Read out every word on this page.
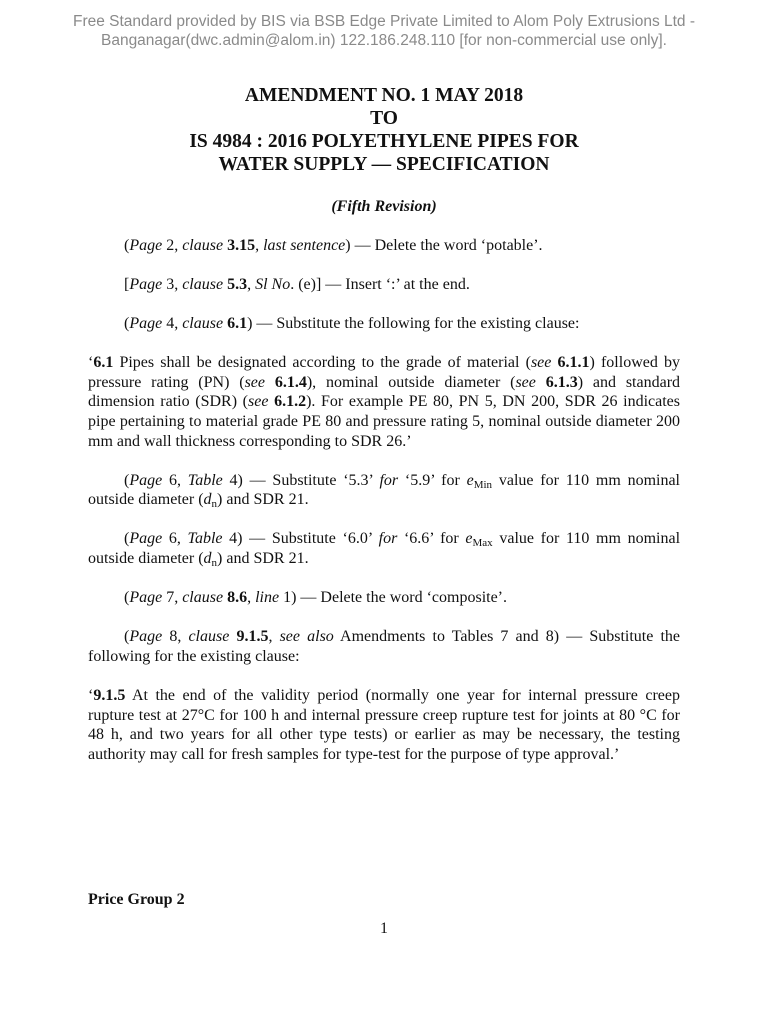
Free Standard provided by BIS via BSB Edge Private Limited to Alom Poly Extrusions Ltd -
Banganagar(dwc.admin@alom.in) 122.186.248.110 [for non-commercial use only].
AMENDMENT NO. 1 MAY 2018
TO
IS 4984 : 2016 POLYETHYLENE PIPES FOR
WATER SUPPLY — SPECIFICATION
(Fifth Revision)

(Page 2, clause 3.15, last sentence) — Delete the word ‘potable’.

[Page 3, clause 5.3, Sl No. (e)] — Insert ‘:’ at the end.

(Page 4, clause 6.1) — Substitute the following for the existing clause:

‘6.1 Pipes shall be designated according to the grade of material (see 6.1.1) followed by pressure rating (PN) (see 6.1.4), nominal outside diameter (see 6.1.3) and standard dimension ratio (SDR) (see 6.1.2). For example PE 80, PN 5, DN 200, SDR 26 indicates pipe pertaining to material grade PE 80 and pressure rating 5, nominal outside diameter 200 mm and wall thickness corresponding to SDR 26.’

(Page 6, Table 4) — Substitute ‘5.3’ for ‘5.9’ for $e_{Min}$ value for 110 mm nominal outside diameter $(d_n)$ and SDR 21.

(Page 6, Table 4) — Substitute ‘6.0’ for ‘6.6’ for $e_{Max}$ value for 110 mm nominal outside diameter $(d_n)$ and SDR 21.

(Page 7, clause 8.6, line 1) — Delete the word ‘composite’.

(Page 8, clause 9.1.5, see also Amendments to Tables 7 and 8) — Substitute the following for the existing clause:

‘9.1.5 At the end of the validity period (normally one year for internal pressure creep rupture test at 27°C for 100 h and internal pressure creep rupture test for joints at 80 °C for 48 h, and two years for all other type tests) or earlier as may be necessary, the testing authority may call for fresh samples for type-test for the purpose of type approval.’

Price Group 2
1
